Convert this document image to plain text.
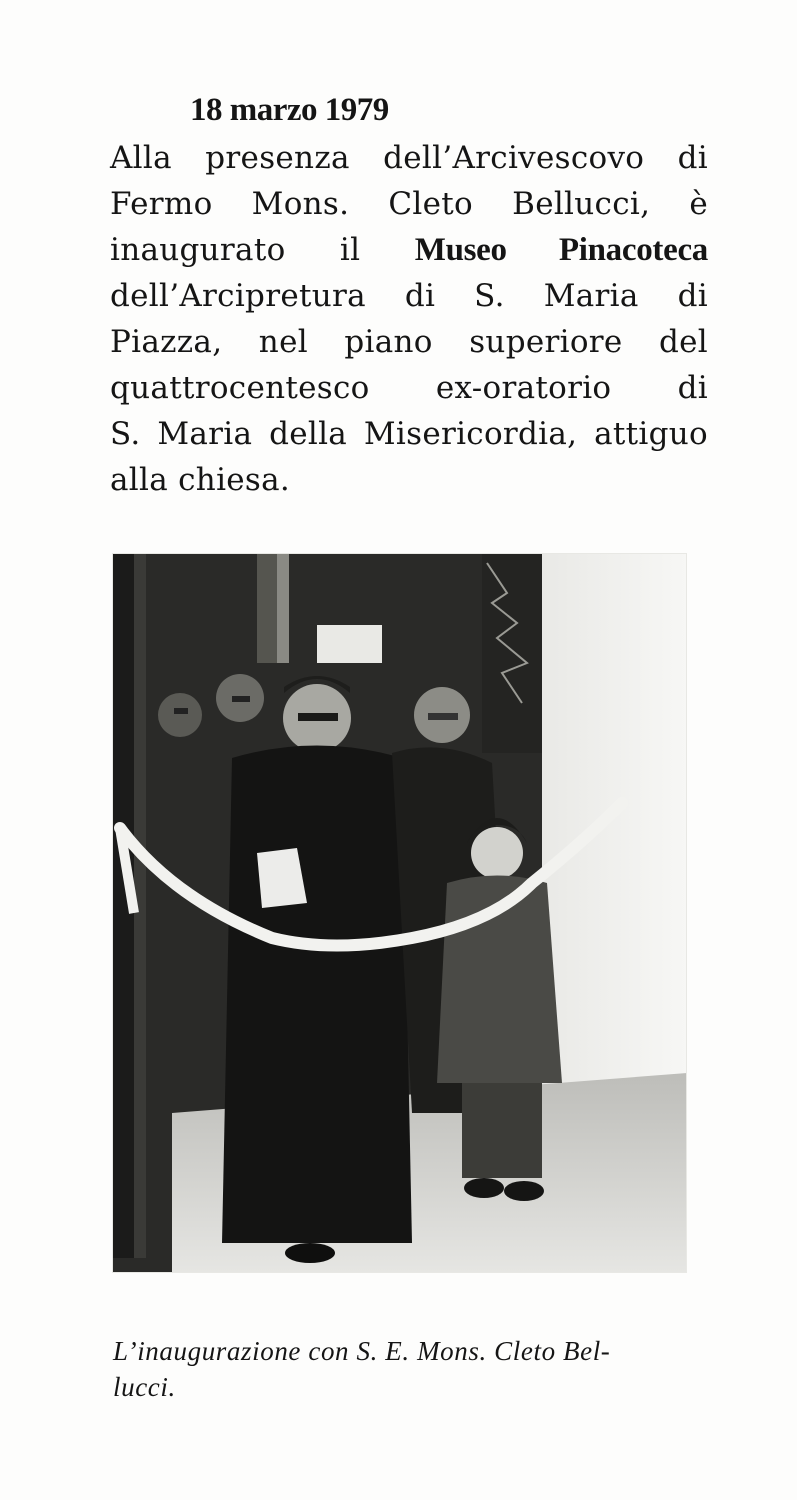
18 marzo 1979

Alla presenza dell’Arcivescovo di
Fermo Mons. Cleto Bellucci, è
inaugurato il Museo Pinacoteca
dell’Arcipretura di S. Maria di
Piazza, nel piano superiore del
quattrocentesco ex-oratorio di
S. Maria della Misericordia, attiguo
alla chiesa.

L’inaugurazione con S. E. Mons. Cleto Bel-
lucci.
